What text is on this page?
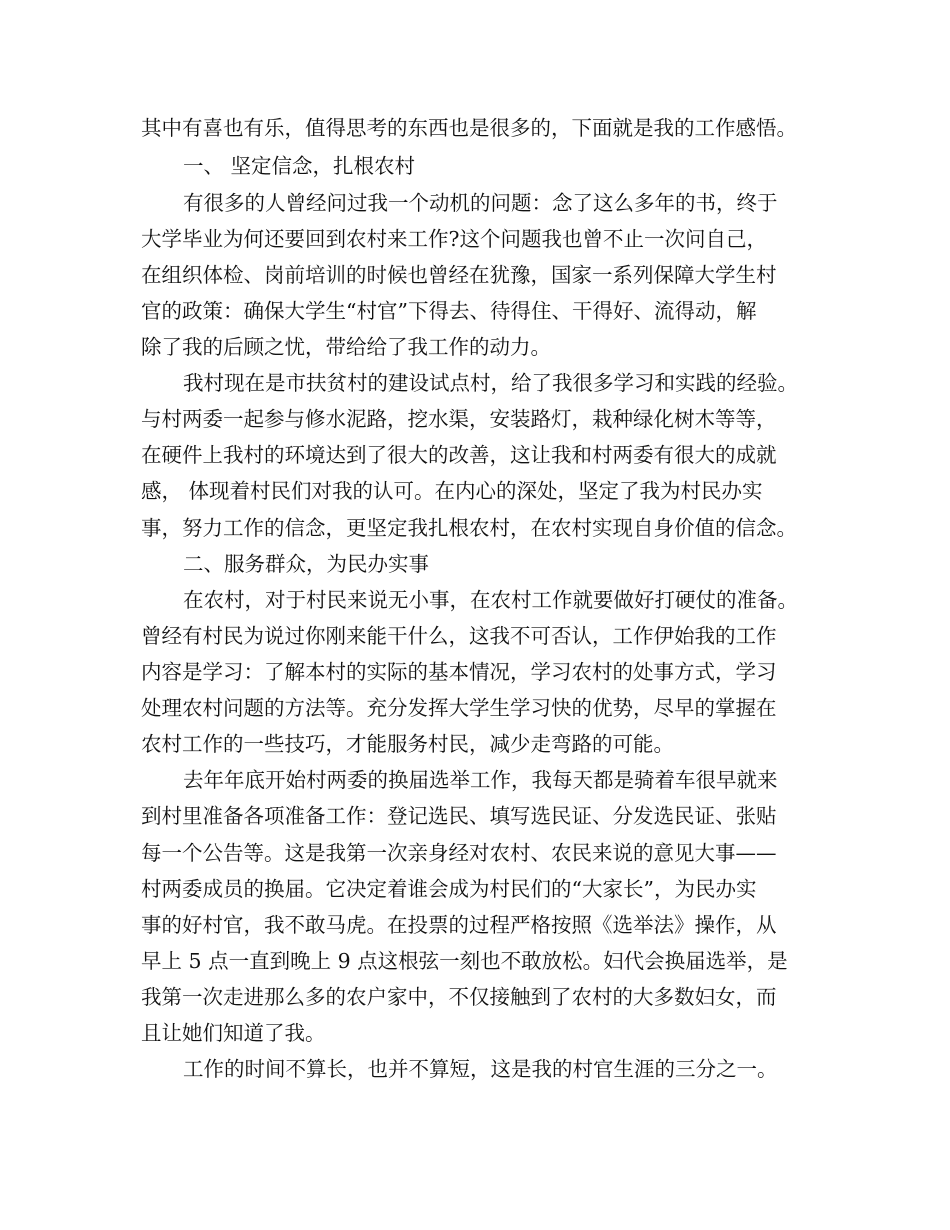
其中有喜也有乐，值得思考的东西也是很多的，下面就是我的工作感悟。
一、 坚定信念，扎根农村
有很多的人曾经问过我一个动机的问题：念了这么多年的书，终于
大学毕业为何还要回到农村来工作?这个问题我也曾不止一次问自己，
在组织体检、岗前培训的时候也曾经在犹豫，国家一系列保障大学生村
官的政策：确保大学生“村官”下得去、待得住、干得好、流得动，解
除了我的后顾之忧，带给给了我工作的动力。
我村现在是市扶贫村的建设试点村，给了我很多学习和实践的经验。
与村两委一起参与修水泥路，挖水渠，安装路灯，栽种绿化树木等等，
在硬件上我村的环境达到了很大的改善，这让我和村两委有很大的成就
感， 体现着村民们对我的认可。在内心的深处，坚定了我为村民办实
事，努力工作的信念，更坚定我扎根农村，在农村实现自身价值的信念。
二、服务群众，为民办实事
在农村，对于村民来说无小事，在农村工作就要做好打硬仗的准备。
曾经有村民为说过你刚来能干什么，这我不可否认，工作伊始我的工作
内容是学习：了解本村的实际的基本情况，学习农村的处事方式，学习
处理农村问题的方法等。充分发挥大学生学习快的优势，尽早的掌握在
农村工作的一些技巧，才能服务村民，减少走弯路的可能。
去年年底开始村两委的换届选举工作，我每天都是骑着车很早就来
到村里准备各项准备工作：登记选民、填写选民证、分发选民证、张贴
每一个公告等。这是我第一次亲身经对农村、农民来说的意见大事——
村两委成员的换届。它决定着谁会成为村民们的“大家长”，为民办实
事的好村官，我不敢马虎。在投票的过程严格按照《选举法》操作，从
早上 5 点一直到晚上 9 点这根弦一刻也不敢放松。妇代会换届选举，是
我第一次走进那么多的农户家中，不仅接触到了农村的大多数妇女，而
且让她们知道了我。
工作的时间不算长，也并不算短，这是我的村官生涯的三分之一。
